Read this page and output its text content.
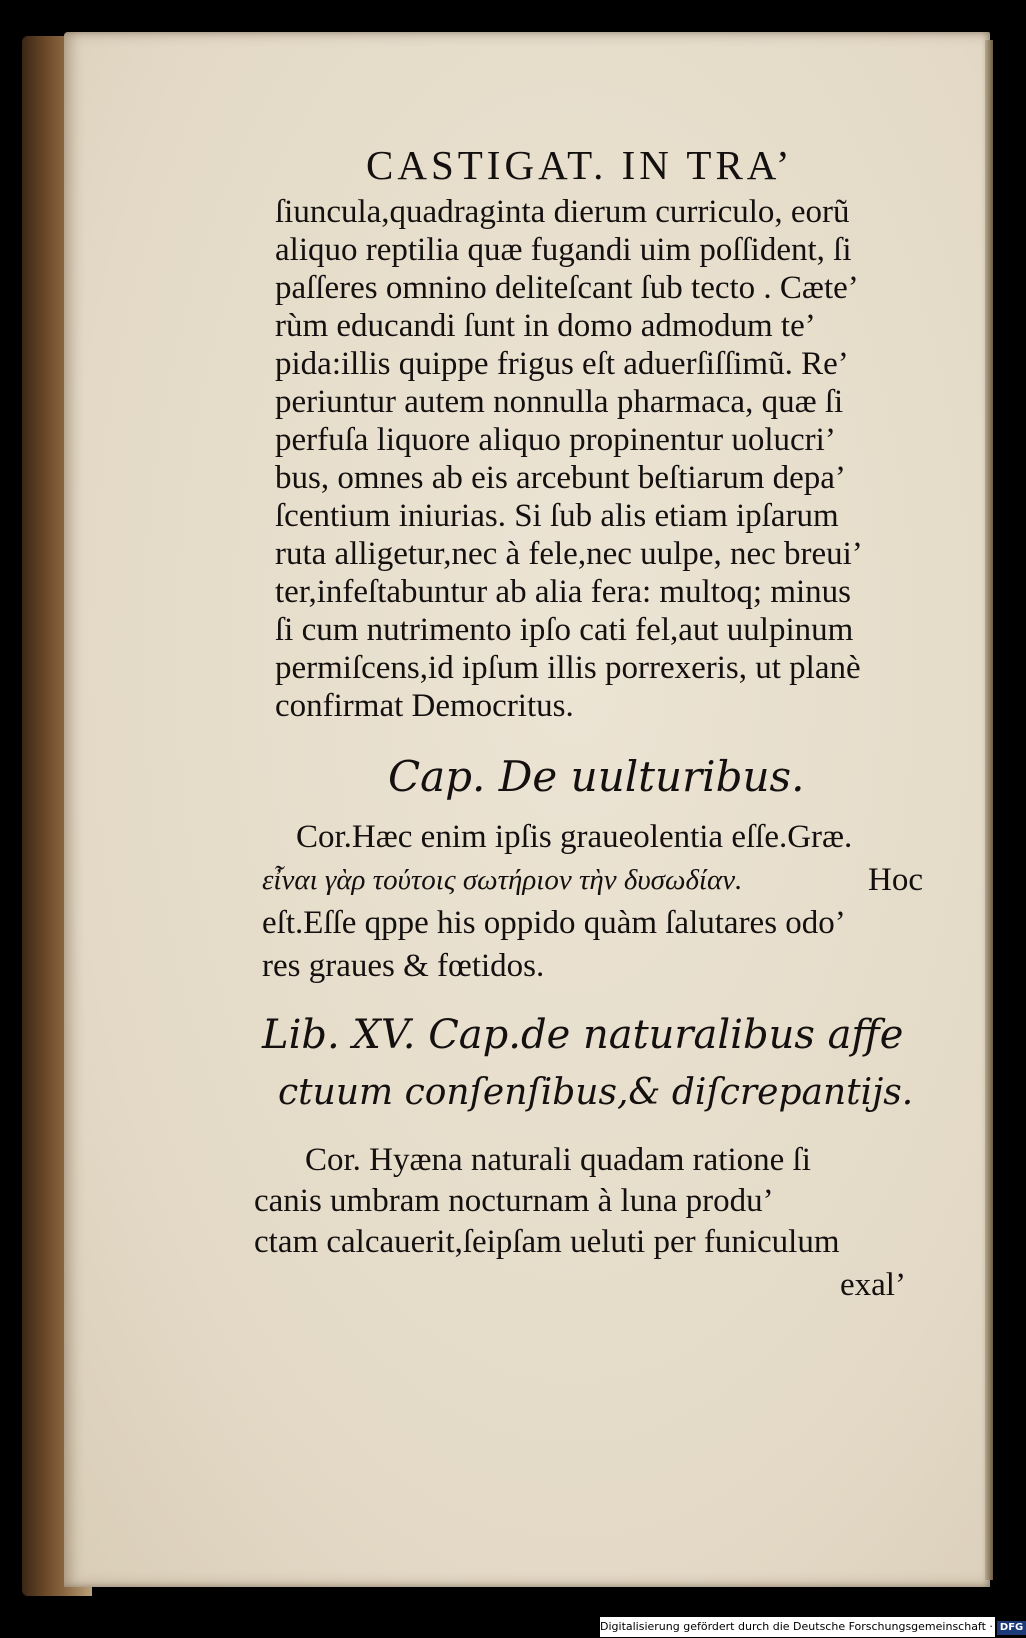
CASTIGAT. IN TRA’
ſiuncula,quadraginta dierum curriculo, eorũ
aliquo reptilia quæ fugandi uim poſſident, ſi
paſſeres omnino deliteſcant ſub tecto . Cæte’
rùm educandi ſunt in domo admodum te’
pida:illis quippe frigus eſt aduerſiſſimũ. Re’
periuntur autem nonnulla pharmaca, quæ ſi
perfuſa liquore aliquo propinentur uolucri’
bus, omnes ab eis arcebunt beſtiarum depa’
ſcentium iniurias. Si ſub alis etiam ipſarum
ruta alligetur,nec à fele,nec uulpe, nec breui’
ter,infeſtabuntur ab alia fera: multoq; minus
ſi cum nutrimento ipſo cati fel,aut uulpinum
permiſcens,id ipſum illis porrexeris, ut planè
confirmat Democritus.
Cap. De uulturibus.
Cor.Hæc enim ipſis graueolentia eſſe.Græ.
εἶναι γὰρ τούτοις σωτήριον τὴν δυσωδίαν.	Hoc
eſt.Eſſe qppe his oppido quàm ſalutares odo’
res graues & fœtidos.
Lib. XV. Cap.de naturalibus affe
ctuum conſenſibus,& diſcrepantijs.
Cor. Hyæna naturali quadam ratione ſi
canis umbram nocturnam à luna produ’
ctam calcauerit,ſeipſam ueluti per funiculum
exal’
Digitalisierung gefördert durch die Deutsche Forschungsgemeinschaft · DFG
